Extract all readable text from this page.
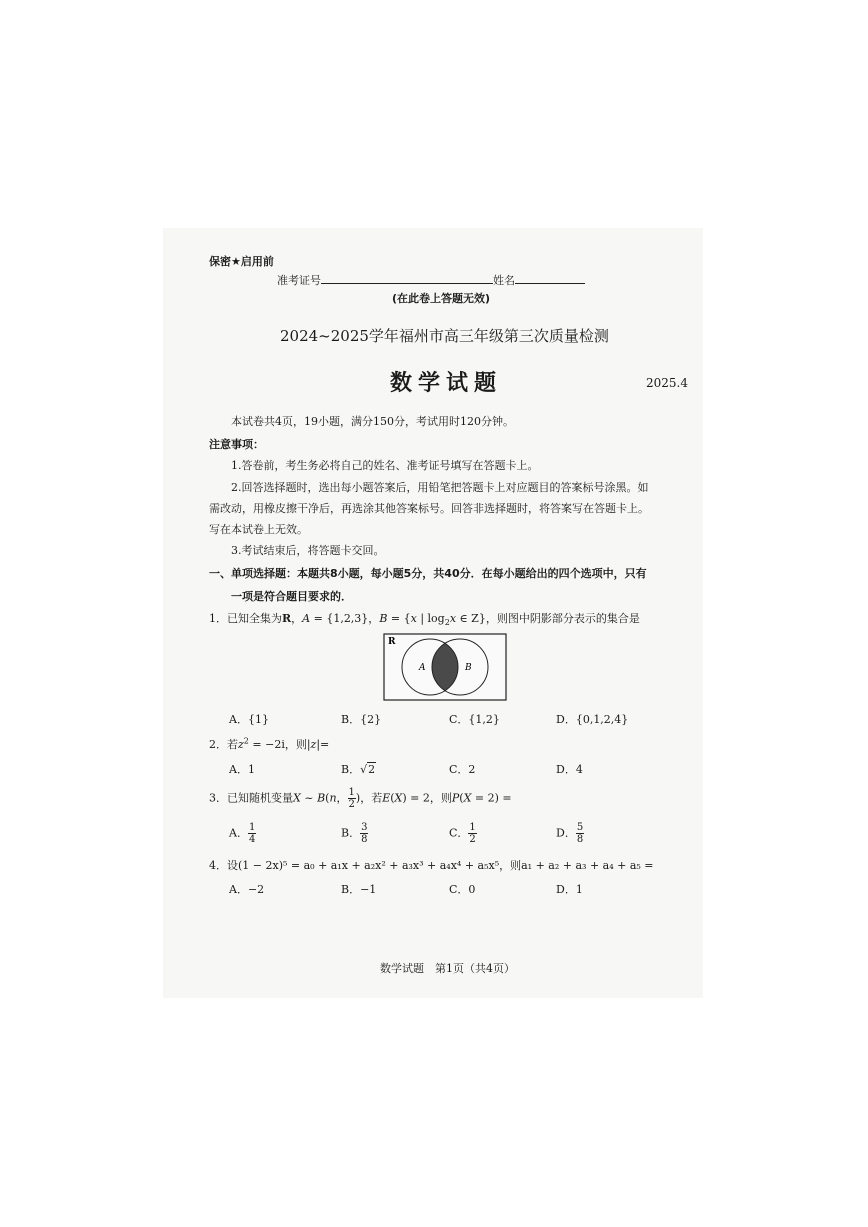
保密★启用前
准考证号	姓名
(在此卷上答题无效)
2024~2025学年福州市高三年级第三次质量检测
数学试题	2025.4
本试卷共4页，19小题，满分150分，考试用时120分钟。
注意事项：
1.答卷前，考生务必将自己的姓名、准考证号填写在答题卡上。
2.回答选择题时，选出每小题答案后，用铅笔把答题卡上对应题目的答案标号涂黑。如
需改动，用橡皮擦干净后，再选涂其他答案标号。回答非选择题时，将答案写在答题卡上。
写在本试卷上无效。
3.考试结束后，将答题卡交回。
一、单项选择题：本题共8小题，每小题5分，共40分．在每小题给出的四个选项中，只有
一项是符合题目要求的．
1．已知全集为R，A = {1,2,3}，B = {x | $\log_2x$ ∈ Z}，则图中阴影部分表示的集合是
R
A	B
A．{1}	B．{2}	C．{1,2}	D．{0,1,2,4}
2．若$z^2 = -2i$，则|z|=
A．1	B．√2	C．2	D．4
3．已知随机变量X ~ B(n， $\frac{1}{2}$ )，若E(X) = 2，则P(X = 2) =
A． $\frac{1}{4}$	B． $\frac{3}{8}$	C． $\frac{1}{2}$	D． $\frac{5}{8}$
4．设(1 − 2x)⁵ = a₀ + a₁x + a₂x² + a₃x³ + a₄x⁴ + a₅x⁵，则a₁ + a₂ + a₃ + a₄ + a₅ =
A．−2	B．−1	C．0	D．1
数学试题　第1页（共4页）
